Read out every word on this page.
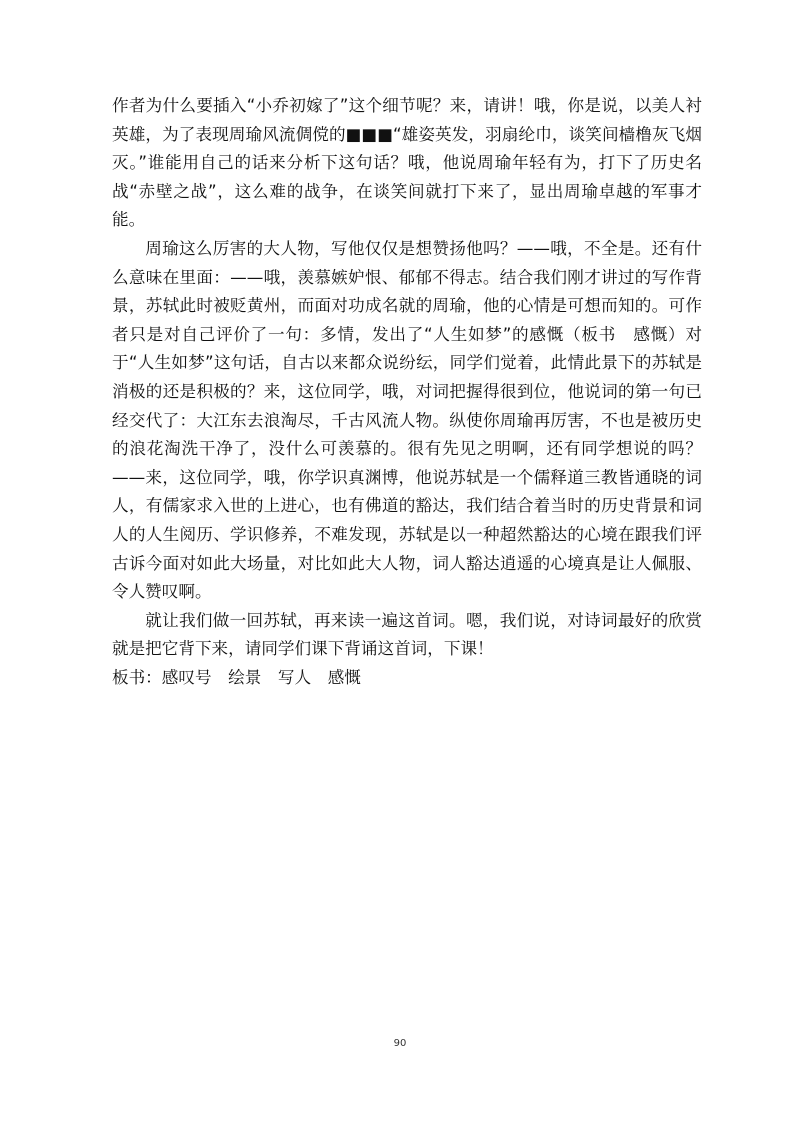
作者为什么要插入“小乔初嫁了”这个细节呢？来，请讲！哦，你是说，以美人衬英雄，为了表现周瑜风流倜傥的■■■“雄姿英发，羽扇纶巾，谈笑间樯橹灰飞烟灭。”谁能用自己的话来分析下这句话？哦，他说周瑜年轻有为，打下了历史名战“赤壁之战”，这么难的战争，在谈笑间就打下来了，显出周瑜卓越的军事才能。

周瑜这么厉害的大人物，写他仅仅是想赞扬他吗？——哦，不全是。还有什么意味在里面：——哦，羡慕嫉妒恨、郁郁不得志。结合我们刚才讲过的写作背景，苏轼此时被贬黄州，而面对功成名就的周瑜，他的心情是可想而知的。可作者只是对自己评价了一句：多情，发出了“人生如梦”的感慨（板书　感慨）对于“人生如梦”这句话，自古以来都众说纷纭，同学们觉着，此情此景下的苏轼是消极的还是积极的？来，这位同学，哦，对词把握得很到位，他说词的第一句已经交代了：大江东去浪淘尽，千古风流人物。纵使你周瑜再厉害，不也是被历史的浪花淘洗干净了，没什么可羡慕的。很有先见之明啊，还有同学想说的吗？——来，这位同学，哦，你学识真渊博，他说苏轼是一个儒释道三教皆通晓的词人，有儒家求入世的上进心，也有佛道的豁达，我们结合着当时的历史背景和词人的人生阅历、学识修养，不难发现，苏轼是以一种超然豁达的心境在跟我们评古诉今面对如此大场量，对比如此大人物，词人豁达逍遥的心境真是让人佩服、令人赞叹啊。

就让我们做一回苏轼，再来读一遍这首词。嗯，我们说，对诗词最好的欣赏就是把它背下来，请同学们课下背诵这首词，下课！

板书：感叹号　绘景　写人　感慨

90
